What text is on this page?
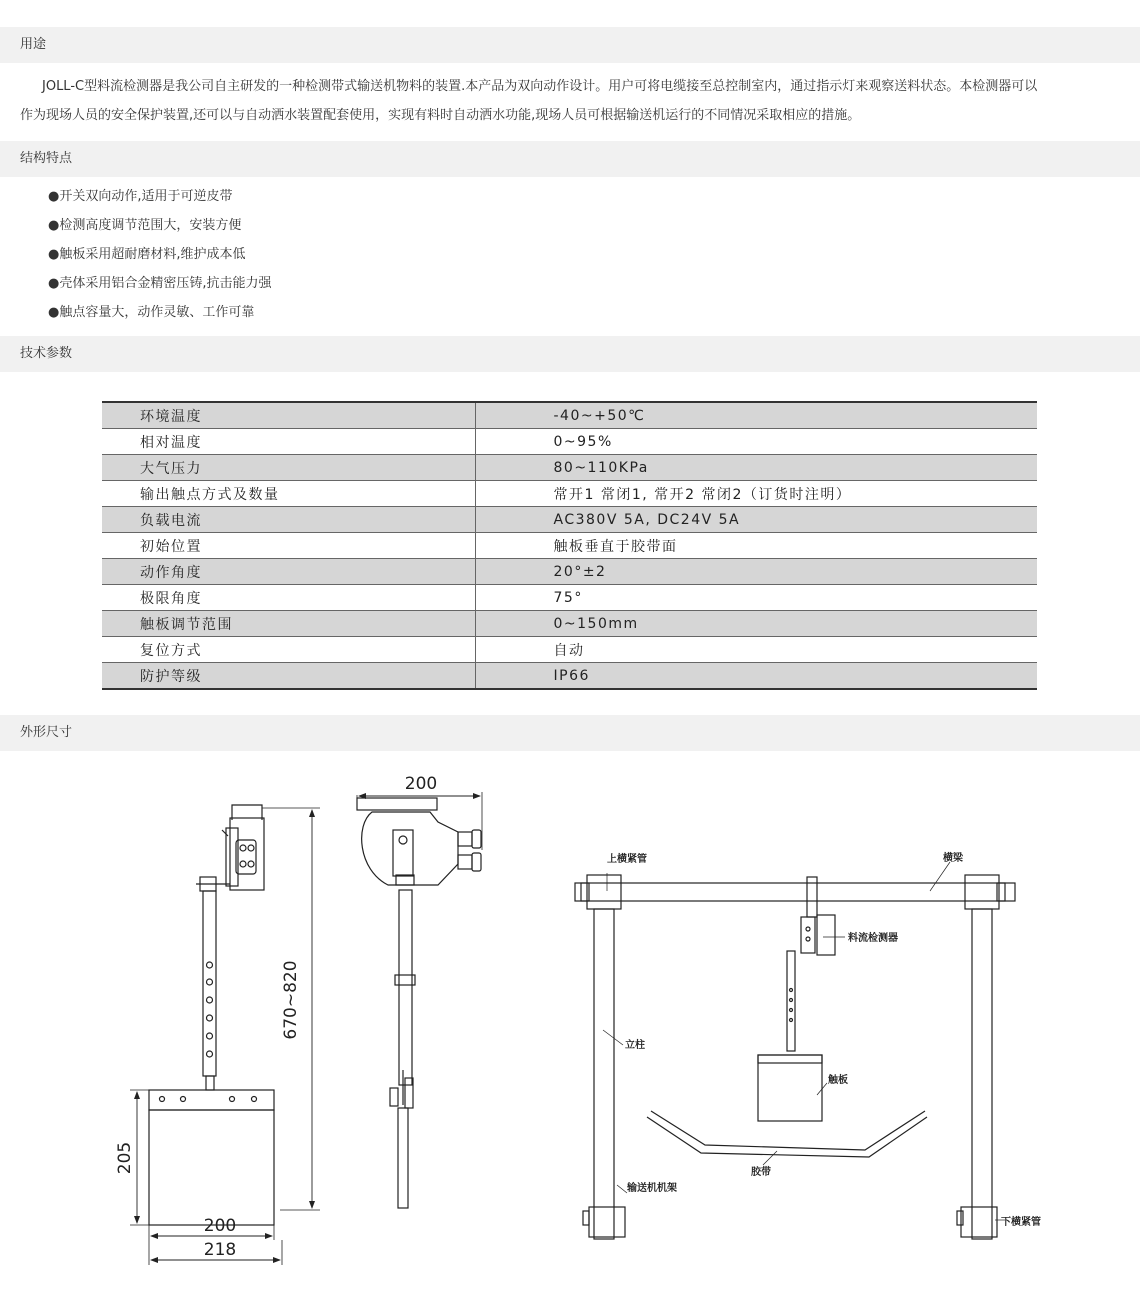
用途
JOLL-C型料流检测器是我公司自主研发的一种检测带式输送机物料的装置.本产品为双向动作设计。用户可将电缆接至总控制室内，通过指示灯来观察送料状态。本检测器可以
作为现场人员的安全保护装置,还可以与自动洒水装置配套使用，实现有料时自动洒水功能,现场人员可根据输送机运行的不同情况采取相应的措施。
结构特点
●开关双向动作,适用于可逆皮带
●检测高度调节范围大，安装方便
●触板采用超耐磨材料,维护成本低
●壳体采用铝合金精密压铸,抗击能力强
●触点容量大，动作灵敏、工作可靠
技术参数
环境温度	-40~+50℃
相对温度	0~95%
大气压力	80~110KPa
输出触点方式及数量	常开1 常闭1, 常开2 常闭2（订货时注明）
负载电流	AC380V 5A, DC24V 5A
初始位置	触板垂直于胶带面
动作角度	20°±2
极限角度	75°
触板调节范围	0~150mm
复位方式	自动
防护等级	IP66
外形尺寸
670~820
205
200
218
200
上横紧管	横梁
料流检测器
立柱
触板
胶带
输送机机架
下横紧管
